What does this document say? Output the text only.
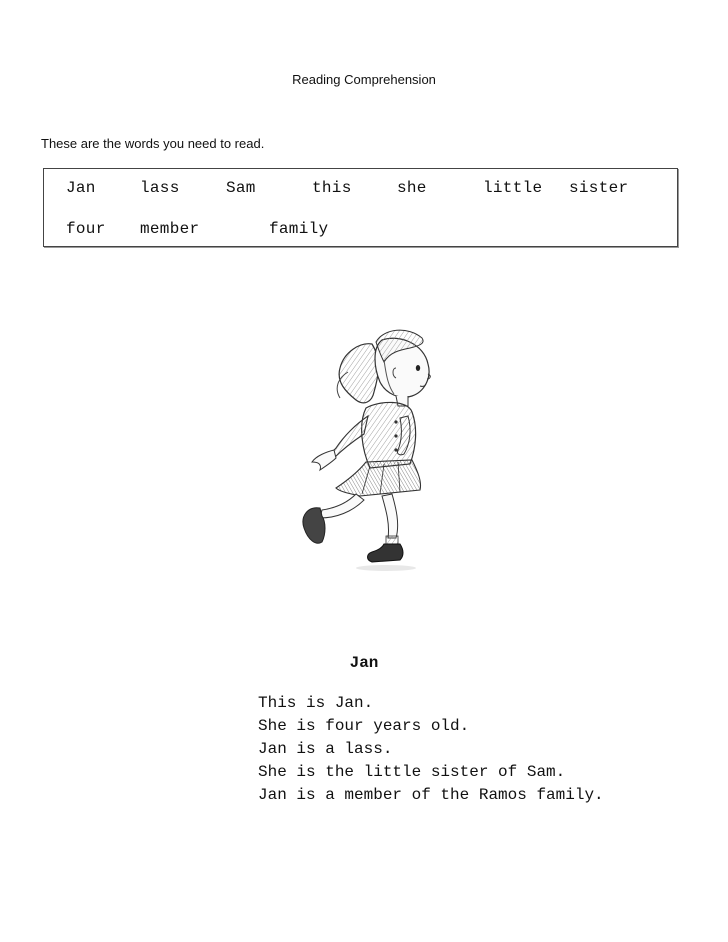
Reading Comprehension
These are the words you need to read.
Jan	lass	Sam	this	she	little sister
four member	family
Jan
This is Jan.
She is four years old.
Jan is a lass.
She is the little sister of Sam.
Jan is a member of the Ramos family.
